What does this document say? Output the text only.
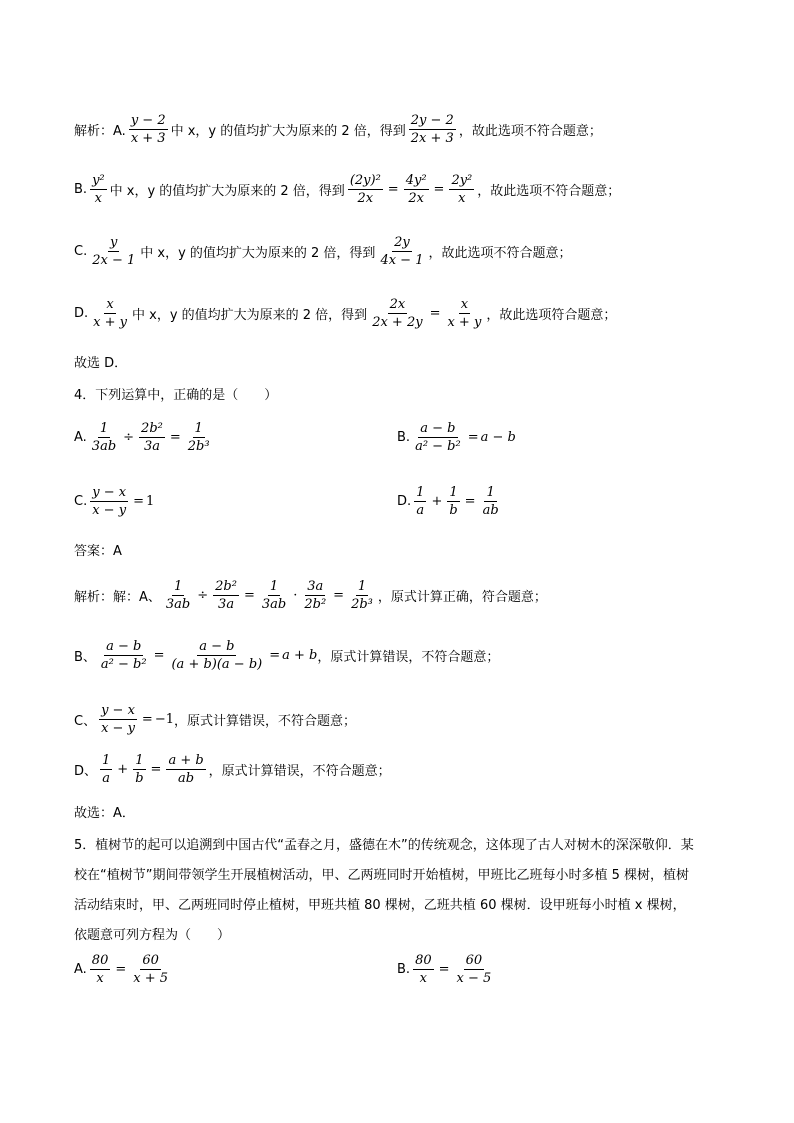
解析：A. $\frac{y - 2}{x + 3}$ 中 x，y 的值均扩大为原来的 2 倍，得到 $\frac{2y - 2}{2x + 3}$ ，故此选项不符合题意；
B. $\frac{\text{y²}}{x}$ 中 x，y 的值均扩大为原来的 2 倍，得到 $\frac{\text{(2y)²}}{2x} = \frac{\text{4y²}}{2x} = \frac{\text{2y²}}{x}$ ，故此选项不符合题意；
C. $\frac{y}{2x - 1}$ 中 x，y 的值均扩大为原来的 2 倍，得到 $\frac{2y}{4x - 1}$ ，故此选项不符合题意；
D. $\frac{x}{x + y}$ 中 x，y 的值均扩大为原来的 2 倍，得到 $\frac{2x}{2x + 2y} = \frac{x}{x + y}$ ，故此选项符合题意；
故选 D．
4．下列运算中，正确的是（　　）
A. $\frac{1}{3ab} \div \frac{\text{2b²}}{3a} = \frac{1}{\text{2b³}}$	B. $\frac{a - b}{\text{a² − b²}} = a - b$
C. $\frac{y - x}{x - y} = 1$	D. $\frac{1}{a} + \frac{1}{b} = \frac{1}{ab}$
答案：A
解析：解：A、 $\frac{1}{3ab} \div \frac{\text{2b²}}{3a} = \frac{1}{3ab} \cdot \frac{3a}{\text{2b²}} = \frac{1}{\text{2b³}}$ ，原式计算正确，符合题意；
B、 $\frac{a - b}{\text{a² − b²}} = \frac{a - b}{(a + b)(a - b)} = a + b$ ，原式计算错误，不符合题意；
C、 $\frac{y - x}{x - y} = -1$ ，原式计算错误，不符合题意；
D、 $\frac{1}{a} + \frac{1}{b} = \frac{a + b}{ab}$ ，原式计算错误，不符合题意；
故选：A．
5．植树节的起可以追溯到中国古代“孟春之月，盛德在木”的传统观念，这体现了古人对树木的深深敬仰．某
校在“植树节”期间带领学生开展植树活动，甲、乙两班同时开始植树，甲班比乙班每小时多植 5 棵树，植树
活动结束时，甲、乙两班同时停止植树，甲班共植 80 棵树，乙班共植 60 棵树．设甲班每小时植 x 棵树，
依题意可列方程为（　　）
A. $\frac{80}{x} = \frac{60}{x + 5}$	B. $\frac{80}{x} = \frac{60}{x - 5}$
